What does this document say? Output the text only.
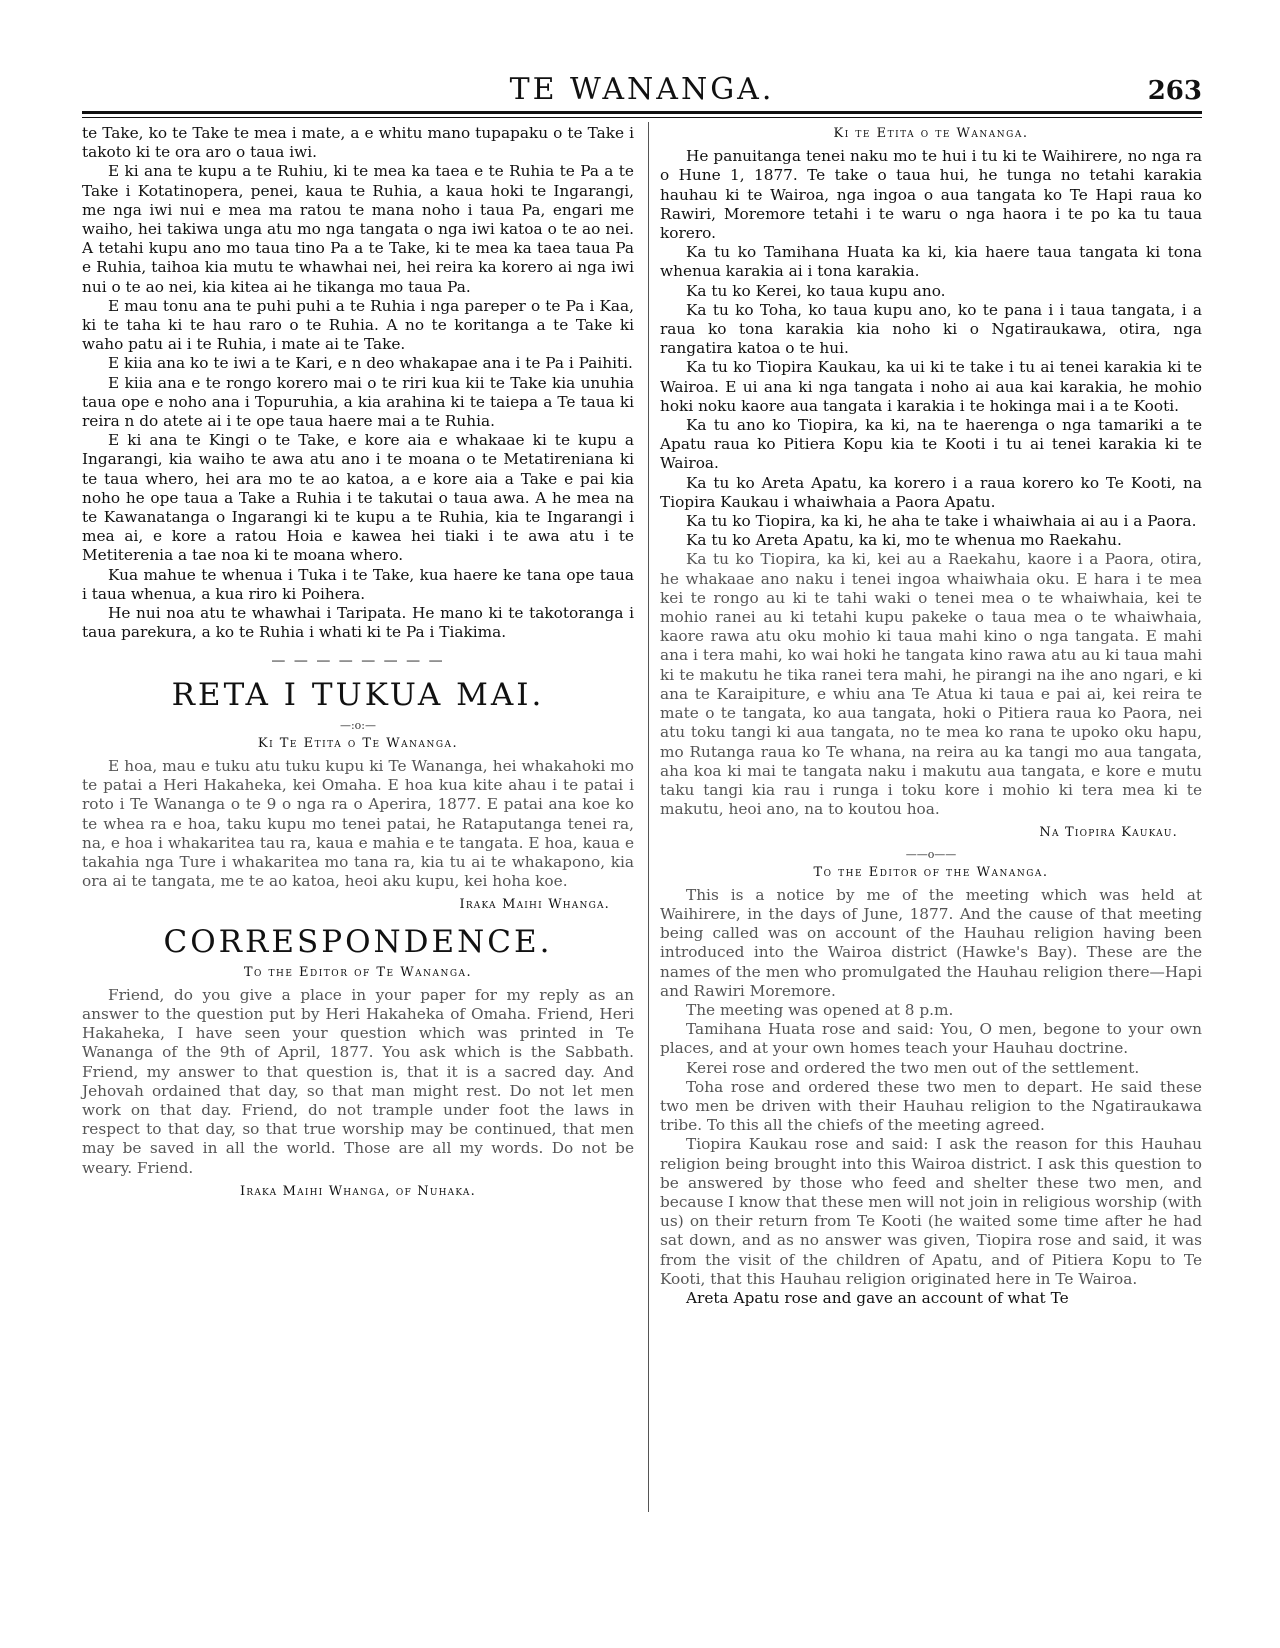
TE WANANGA.	263

te Take, ko te Take te mea i mate, a e whitu mano tupapaku o te Take i takoto ki te ora aro o taua iwi.

E ki ana te kupu a te Ruhiu, ki te mea ka taea e te Ruhia te Pa a te Take i Kotatinopera, penei, kaua te Ruhia, a kaua hoki te Ingarangi, me nga iwi nui e mea ma ratou te mana noho i taua Pa, engari me waiho, hei takiwa unga atu mo nga tangata o nga iwi katoa o te ao nei. A tetahi kupu ano mo taua tino Pa a te Take, ki te mea ka taea taua Pa e Ruhia, taihoa kia mutu te whawhai nei, hei reira ka korero ai nga iwi nui o te ao nei, kia kitea ai he tikanga mo taua Pa.

E mau tonu ana te puhi puhi a te Ruhia i nga pareper o te Pa i Kaa, ki te taha ki te hau raro o te Ruhia. A no te koritanga a te Take ki waho patu ai i te Ruhia, i mate ai te Take.

E kiia ana ko te iwi a te Kari, e n deo whakapae ana i te Pa i Paihiti.

E kiia ana e te rongo korero mai o te riri kua kii te Take kia unuhia taua ope e noho ana i Topuruhia, a kia arahina ki te taiepa a Te taua ki reira n do atete ai i te ope taua haere mai a te Ruhia.

E ki ana te Kingi o te Take, e kore aia e whakaae ki te kupu a Ingarangi, kia waiho te awa atu ano i te moana o te Metatireniana ki te taua whero, hei ara mo te ao katoa, a e kore aia a Take e pai kia noho he ope taua a Take a Ruhia i te takutai o taua awa. A he mea na te Kawanatanga o Ingarangi ki te kupu a te Ruhia, kia te Ingarangi i mea ai, e kore a ratou Hoia e kawea hei tiaki i te awa atu i te Metiterenia a tae noa ki te moana whero.

Kua mahue te whenua i Tuka i te Take, kua haere ke tana ope taua i taua whenua, a kua riro ki Poihera.

He nui noa atu te whawhai i Taripata. He mano ki te takotoranga i taua parekura, a ko te Ruhia i whati ki te Pa i Tiakima.

— — — — — — — —
RETA I TUKUA MAI.
—:o:—
Ki Te Etita o Te Wananga.

E hoa, mau e tuku atu tuku kupu ki Te Wananga, hei whakahoki mo te patai a Heri Hakaheka, kei Omaha. E hoa kua kite ahau i te patai i roto i Te Wananga o te 9 o nga ra o Aperira, 1877. E patai ana koe ko te whea ra e hoa, taku kupu mo tenei patai, he Rataputanga tenei ra, na, e hoa i whakaritea tau ra, kaua e mahia e te tangata. E hoa, kaua e takahia nga Ture i whakaritea mo tana ra, kia tu ai te whakapono, kia ora ai te tangata, me te ao katoa, heoi aku kupu, kei hoha koe.

Iraka Maihi Whanga.
CORRESPONDENCE.
To the Editor of Te Wananga.

Friend, do you give a place in your paper for my reply as an answer to the question put by Heri Hakaheka of Omaha. Friend, Heri Hakaheka, I have seen your question which was printed in Te Wananga of the 9th of April, 1877. You ask which is the Sabbath. Friend, my answer to that question is, that it is a sacred day. And Jehovah ordained that day, so that man might rest. Do not let men work on that day. Friend, do not trample under foot the laws in respect to that day, so that true worship may be continued, that men may be saved in all the world. Those are all my words. Do not be weary. Friend.

Iraka Maihi Whanga, of Nuhaka.
Ki te Etita o te Wananga.

He panuitanga tenei naku mo te hui i tu ki te Waihirere, no nga ra o Hune 1, 1877. Te take o taua hui, he tunga no tetahi karakia hauhau ki te Wairoa, nga ingoa o aua tangata ko Te Hapi raua ko Rawiri, Moremore tetahi i te waru o nga haora i te po ka tu taua korero.

Ka tu ko Tamihana Huata ka ki, kia haere taua tangata ki tona whenua karakia ai i tona karakia.

Ka tu ko Kerei, ko taua kupu ano.

Ka tu ko Toha, ko taua kupu ano, ko te pana i i taua tangata, i a raua ko tona karakia kia noho ki o Ngatiraukawa, otira, nga rangatira katoa o te hui.

Ka tu ko Tiopira Kaukau, ka ui ki te take i tu ai tenei karakia ki te Wairoa. E ui ana ki nga tangata i noho ai aua kai karakia, he mohio hoki noku kaore aua tangata i karakia i te hokinga mai i a te Kooti.

Ka tu ano ko Tiopira, ka ki, na te haerenga o nga tamariki a te Apatu raua ko Pitiera Kopu kia te Kooti i tu ai tenei karakia ki te Wairoa.

Ka tu ko Areta Apatu, ka korero i a raua korero ko Te Kooti, na Tiopira Kaukau i whaiwhaia a Paora Apatu.

Ka tu ko Tiopira, ka ki, he aha te take i whaiwhaia ai au i a Paora.

Ka tu ko Areta Apatu, ka ki, mo te whenua mo Raekahu.

Ka tu ko Tiopira, ka ki, kei au a Raekahu, kaore i a Paora, otira, he whakaae ano naku i tenei ingoa whaiwhaia oku. E hara i te mea kei te rongo au ki te tahi waki o tenei mea o te whaiwhaia, kei te mohio ranei au ki tetahi kupu pakeke o taua mea o te whaiwhaia, kaore rawa atu oku mohio ki taua mahi kino o nga tangata. E mahi ana i tera mahi, ko wai hoki he tangata kino rawa atu au ki taua mahi ki te makutu he tika ranei tera mahi, he pirangi na ihe ano ngari, e ki ana te Karaipiture, e whiu ana Te Atua ki taua e pai ai, kei reira te mate o te tangata, ko aua tangata, hoki o Pitiera raua ko Paora, nei atu toku tangi ki aua tangata, no te mea ko rana te upoko oku hapu, mo Rutanga raua ko Te whana, na reira au ka tangi mo aua tangata, aha koa ki mai te tangata naku i makutu aua tangata, e kore e mutu taku tangi kia rau i runga i toku kore i mohio ki tera mea ki te makutu, heoi ano, na to koutou hoa.

Na Tiopira Kaukau.
——o——
To the Editor of the Wananga.

This is a notice by me of the meeting which was held at Waihirere, in the days of June, 1877. And the cause of that meeting being called was on account of the Hauhau religion having been introduced into the Wairoa district (Hawke's Bay). These are the names of the men who promulgated the Hauhau religion there—Hapi and Rawiri Moremore.

The meeting was opened at 8 p.m.

Tamihana Huata rose and said: You, O men, begone to your own places, and at your own homes teach your Hauhau doctrine.

Kerei rose and ordered the two men out of the settlement.

Toha rose and ordered these two men to depart. He said these two men be driven with their Hauhau religion to the Ngatiraukawa tribe. To this all the chiefs of the meeting agreed.

Tiopira Kaukau rose and said: I ask the reason for this Hauhau religion being brought into this Wairoa district. I ask this question to be answered by those who feed and shelter these two men, and because I know that these men will not join in religious worship (with us) on their return from Te Kooti (he waited some time after he had sat down, and as no answer was given, Tiopira rose and said, it was from the visit of the children of Apatu, and of Pitiera Kopu to Te Kooti, that this Hauhau religion originated here in Te Wairoa.

Areta Apatu rose and gave an account of what Te
